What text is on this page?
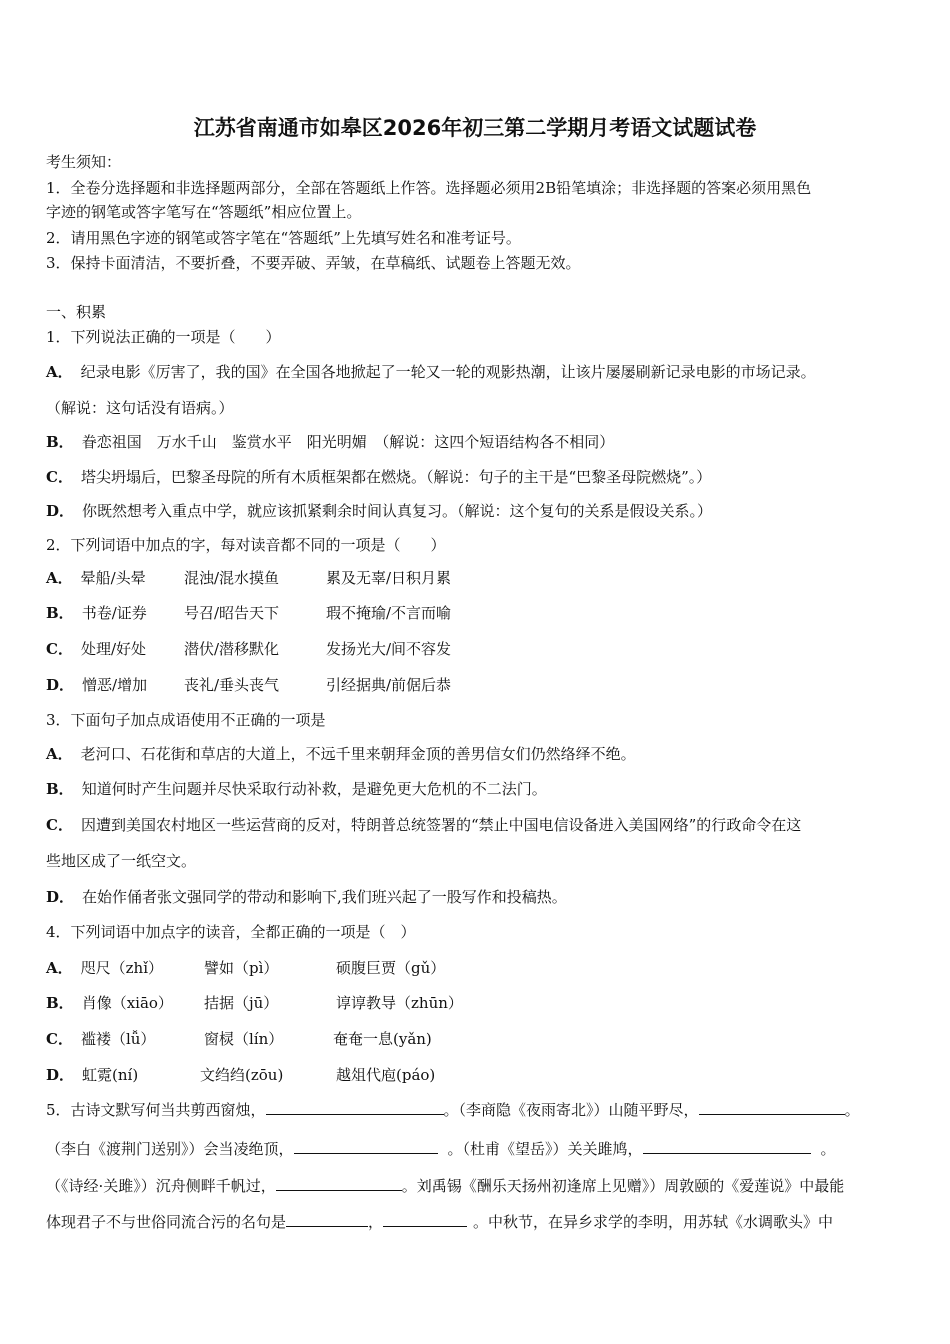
江苏省南通市如皋区2026年初三第二学期月考语文试题试卷
考生须知：
1．全卷分选择题和非选择题两部分，全部在答题纸上作答。选择题必须用2B铅笔填涂；非选择题的答案必须用黑色
字迹的钢笔或答字笔写在“答题纸”相应位置上。
2．请用黑色字迹的钢笔或答字笔在“答题纸”上先填写姓名和准考证号。
3．保持卡面清洁，不要折叠，不要弄破、弄皱，在草稿纸、试题卷上答题无效。
一、积累
1．下列说法正确的一项是（　　）
A． 纪录电影《厉害了，我的国》在全国各地掀起了一轮又一轮的观影热潮，让该片屡屡刷新记录电影的市场记录。
（解说：这句话没有语病。）
B． 眷恋祖国　万水千山　鉴赏水平　阳光明媚　（解说：这四个短语结构各不相同）
C． 塔尖坍塌后，巴黎圣母院的所有木质框架都在燃烧。（解说：句子的主干是“巴黎圣母院燃烧”。）
D． 你既然想考入重点中学，就应该抓紧剩余时间认真复习。（解说：这个复句的关系是假设关系。）
2．下列词语中加点的字，每对读音都不同的一项是（　　）
A． 晕船/头晕	混浊/混水摸鱼	累及无辜/日积月累
B． 书卷/证券 号召/昭告天下	瑕不掩瑜/不言而喻
C． 处理/好处	潜伏/潜移默化	发扬光大/间不容发
D． 憎恶/增加 丧礼/垂头丧气	引经据典/前倨后恭
3．下面句子加点成语使用不正确的一项是
A． 老河口、石花街和草店的大道上，不远千里来朝拜金顶的善男信女们仍然络绎不绝。
B． 知道何时产生问题并尽快采取行动补救，是避免更大危机的不二法门。
C． 因遭到美国农村地区一些运营商的反对，特朗普总统签署的“禁止中国电信设备进入美国网络”的行政命令在这
些地区成了一纸空文。
D． 在始作俑者张文强同学的带动和影响下,我们班兴起了一股写作和投稿热。
4．下列词语中加点字的读音，全都正确的一项是（　）
A． 咫尺（zhǐ）	譬如（pì）	硕腹巨贾（gǔ）
B． 肖像（xiāo） 拮据（jū）	谆谆教导（zhūn）
C． 褴褛（lǚ）	窗棂（lín）	奄奄一息(yǎn)
D． 虹霓(ní)	文绉绉(zōu)	越俎代庖(páo)
5．古诗文默写何当共剪西窗烛，	。（李商隐《夜雨寄北》）山随平野尽，	。
（李白《渡荆门送别》）会当凌绝顶，	。（杜甫《望岳》）关关雎鸠，	。
（《诗经·关雎》）沉舟侧畔千帆过，	。刘禹锡《酬乐天扬州初逢席上见赠》）周敦颐的《爱莲说》中最能
体现君子不与世俗同流合污的名句是	，	。中秋节，在异乡求学的李明，用苏轼《水调歌头》中
